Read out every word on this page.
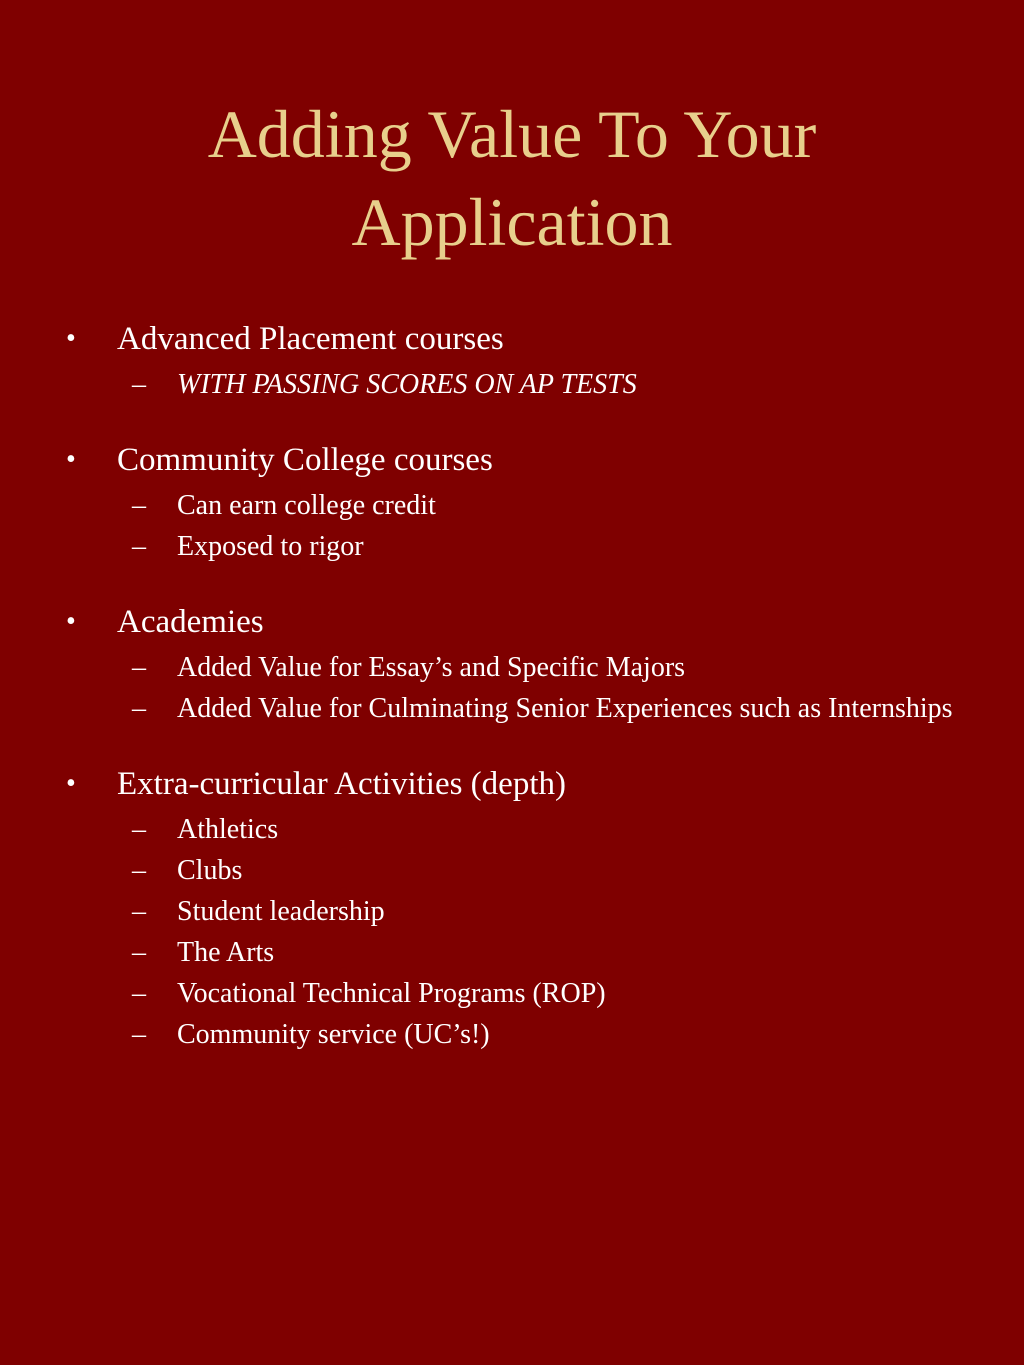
Adding Value To Your
Application
• Advanced Placement courses
– WITH PASSING SCORES ON AP TESTS
• Community College courses
– Can earn college credit
– Exposed to rigor
• Academies
– Added Value for Essay’s and Specific Majors
– Added Value for Culminating Senior Experiences such as Internships
• Extra-curricular Activities (depth)
– Athletics
– Clubs
– Student leadership
– The Arts
– Vocational Technical Programs (ROP)
– Community service (UC’s!)
